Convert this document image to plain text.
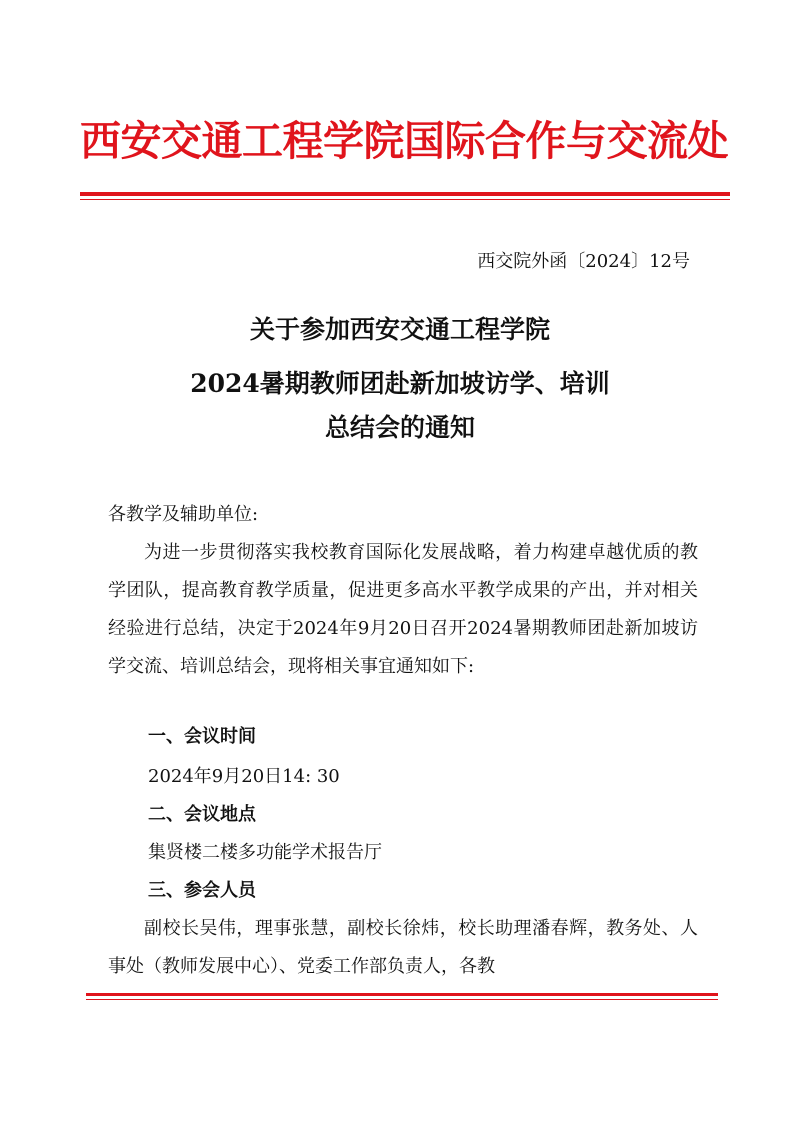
西安交通工程学院国际合作与交流处
西交院外函〔2024〕12号
关于参加西安交通工程学院
2024暑期教师团赴新加坡访学、培训
总结会的通知
各教学及辅助单位:
为进一步贯彻落实我校教育国际化发展战略，着力构建卓越优质的教学团队，提高教育教学质量，促进更多高水平教学成果的产出，并对相关经验进行总结，决定于2024年9月20日召开2024暑期教师团赴新加坡访学交流、培训总结会，现将相关事宜通知如下:
一、会议时间
2024年9月20日14: 30
二、会议地点
集贤楼二楼多功能学术报告厅
三、参会人员
副校长吴伟，理事张慧，副校长徐炜，校长助理潘春辉，教务处、人事处（教师发展中心）、党委工作部负责人，各教
